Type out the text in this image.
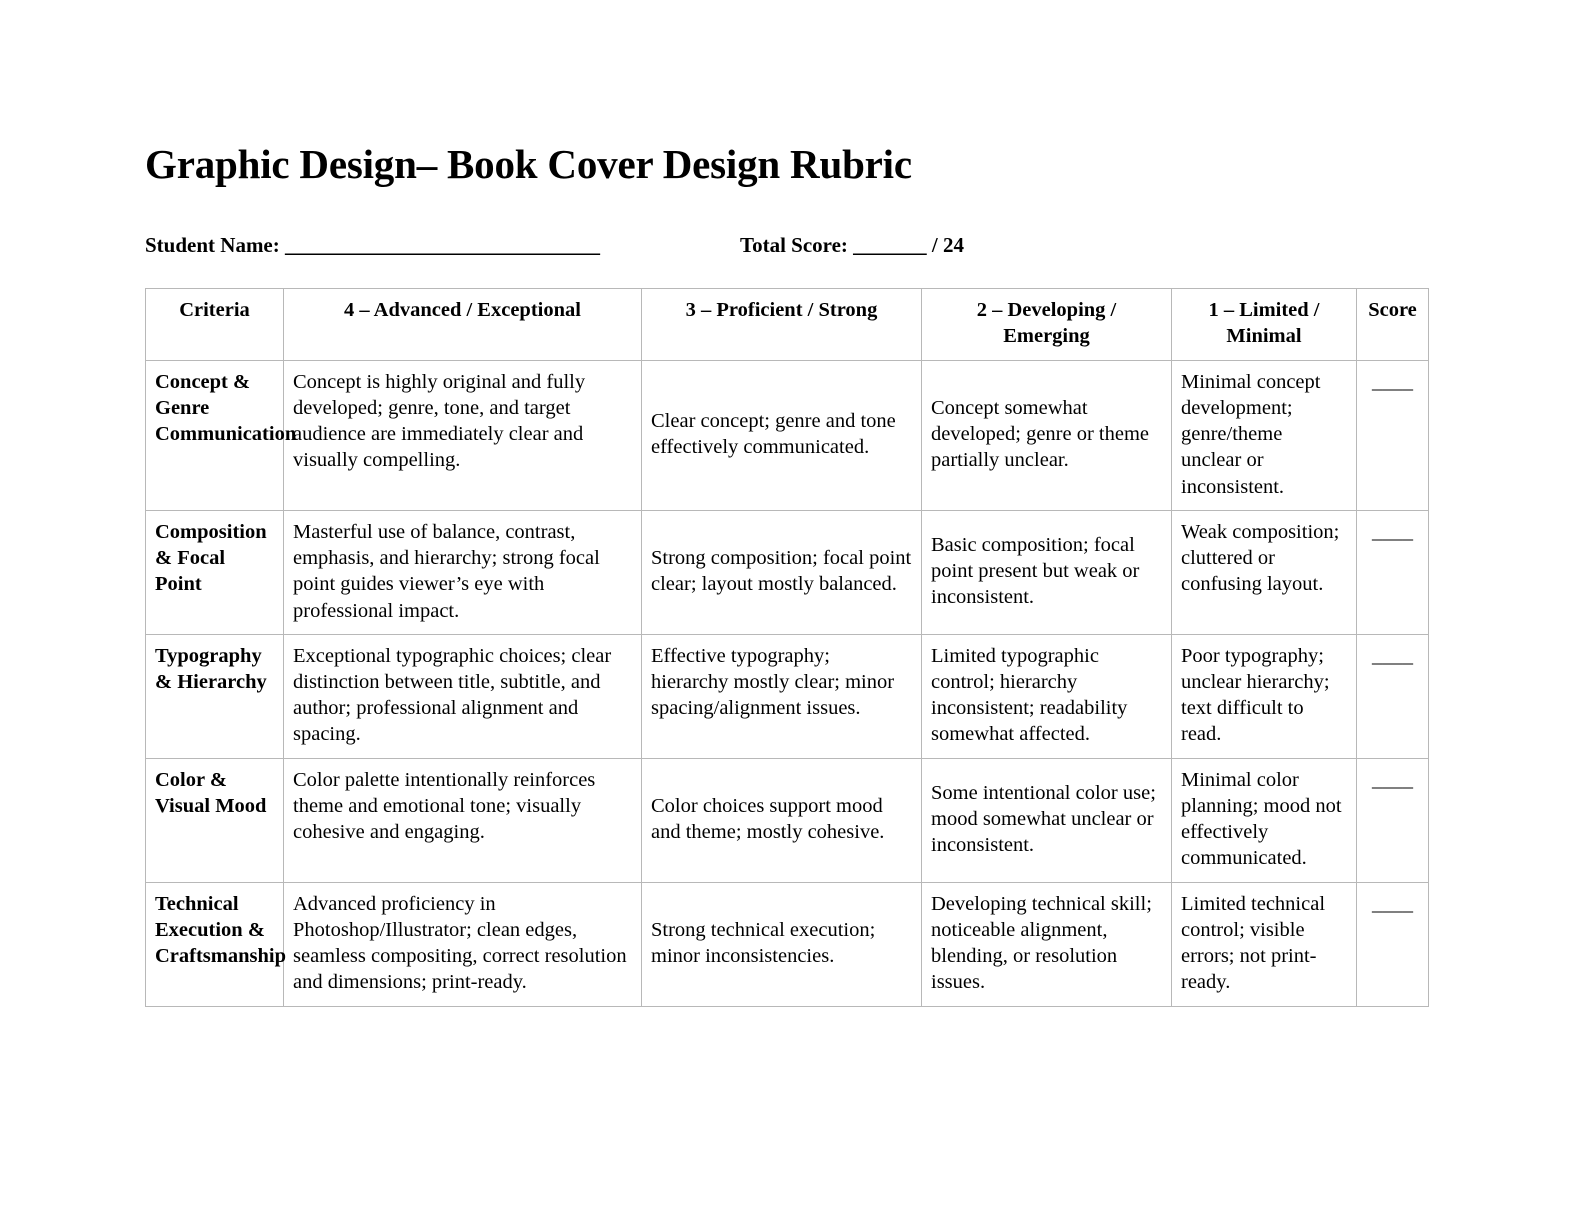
Graphic Design– Book Cover Design Rubric
Student Name: ______________________________	Total Score: _______ / 24
Criteria	4 – Advanced / Exceptional	3 – Proficient / Strong	2 – Developing / Emerging	1 – Limited / Minimal	Score
Concept & Genre Communication	Concept is highly original and fully developed; genre, tone, and target audience are immediately clear and visually compelling.	Clear concept; genre and tone effectively communicated.	Concept somewhat developed; genre or theme partially unclear.	Minimal concept development; genre/theme unclear or inconsistent.	____
Composition & Focal Point	Masterful use of balance, contrast, emphasis, and hierarchy; strong focal point guides viewer’s eye with professional impact.	Strong composition; focal point clear; layout mostly balanced.	Basic composition; focal point present but weak or inconsistent.	Weak composition; cluttered or confusing layout.	____
Typography & Hierarchy	Exceptional typographic choices; clear distinction between title, subtitle, and author; professional alignment and spacing.	Effective typography; hierarchy mostly clear; minor spacing/alignment issues.	Limited typographic control; hierarchy inconsistent; readability somewhat affected.	Poor typography; unclear hierarchy; text difficult to read.	____
Color & Visual Mood	Color palette intentionally reinforces theme and emotional tone; visually cohesive and engaging.	Color choices support mood and theme; mostly cohesive.	Some intentional color use; mood somewhat unclear or inconsistent.	Minimal color planning; mood not effectively communicated.	____
Technical Execution & Craftsmanship	Advanced proficiency in Photoshop/Illustrator; clean edges, seamless compositing, correct resolution and dimensions; print-ready.	Strong technical execution; minor inconsistencies.	Developing technical skill; noticeable alignment, blending, or resolution issues.	Limited technical control; visible errors; not print-ready.	____
